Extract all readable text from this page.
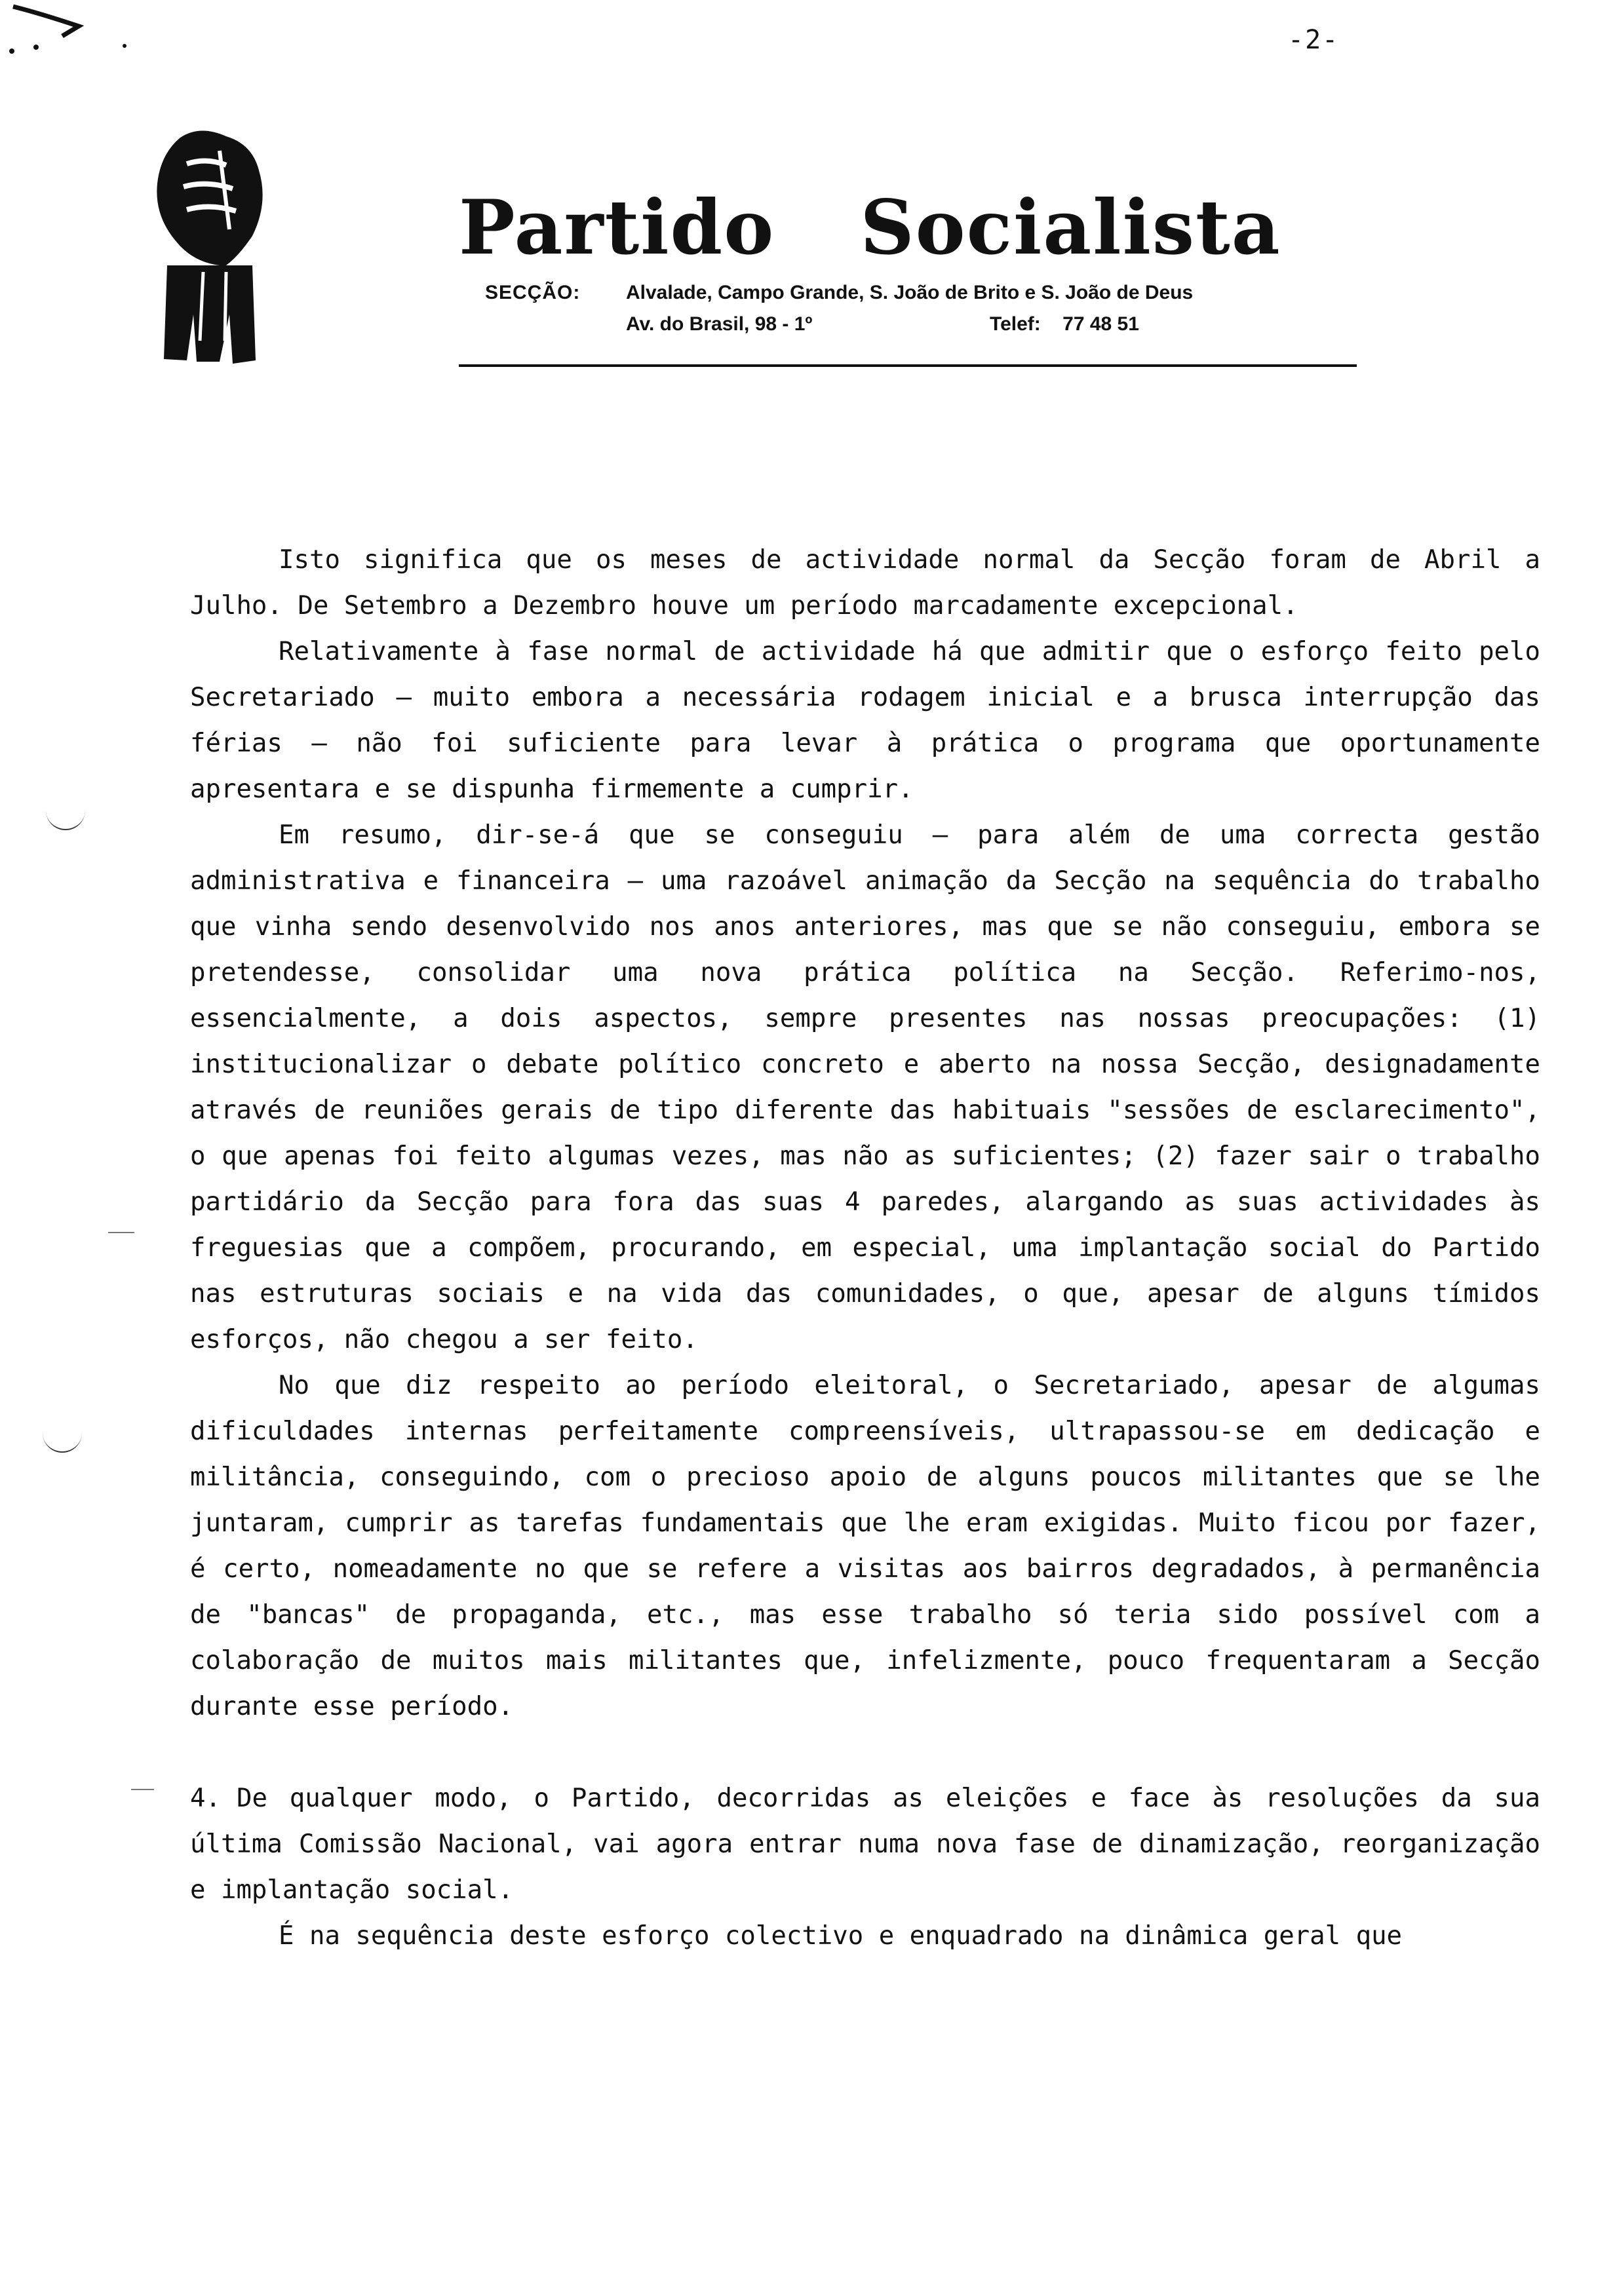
-2-
Partido Socialista
SECÇÃO: Alvalade, Campo Grande, S. João de Brito e S. João de Deus
Av. do Brasil, 98 - 1º	Telef: 77 48 51

Isto significa que os meses de actividade normal da Secção foram de Abril a Julho. De Setembro a Dezembro houve um período marcadamente excepcional.

Relativamente à fase normal de actividade há que admitir que o esforço feito pelo Secretariado — muito embora a necessária rodagem inicial e a brusca interrupção das férias — não foi suficiente para levar à prática o programa que oportunamente apresentara e se dispunha firmemente a cumprir.

Em resumo, dir-se-á que se conseguiu — para além de uma correcta gestão administrativa e financeira — uma razoável animação da Secção na sequência do trabalho que vinha sendo desenvolvido nos anos anteriores, mas que se não conseguiu, embora se pretendesse, consolidar uma nova prática política na Secção. Referimo-nos, essencialmente, a dois aspectos, sempre presentes nas nossas preocupações: (1) institucionalizar o debate político concreto e aberto na nossa Secção, designadamente através de reuniões gerais de tipo diferente das habituais "sessões de esclarecimento", o que apenas foi feito algumas vezes, mas não as suficientes; (2) fazer sair o trabalho partidário da Secção para fora das suas 4 paredes, alargando as suas actividades às freguesias que a compõem, procurando, em especial, uma implantação social do Partido nas estruturas sociais e na vida das comunidades, o que, apesar de alguns tímidos esforços, não chegou a ser feito.

No que diz respeito ao período eleitoral, o Secretariado, apesar de algumas dificuldades internas perfeitamente compreensíveis, ultrapassou-se em dedicação e militância, conseguindo, com o precioso apoio de alguns poucos militantes que se lhe juntaram, cumprir as tarefas fundamentais que lhe eram exigidas. Muito ficou por fazer, é certo, nomeadamente no que se refere a visitas aos bairros degradados, à permanência de "bancas" de propaganda, etc., mas esse trabalho só teria sido possível com a colaboração de muitos mais militantes que, infelizmente, pouco frequentaram a Secção durante esse período.

4. De qualquer modo, o Partido, decorridas as eleições e face às resoluções da sua última Comissão Nacional, vai agora entrar numa nova fase de dinamização, reorganização e implantação social.

É na sequência deste esforço colectivo e enquadrado na dinâmica geral que
